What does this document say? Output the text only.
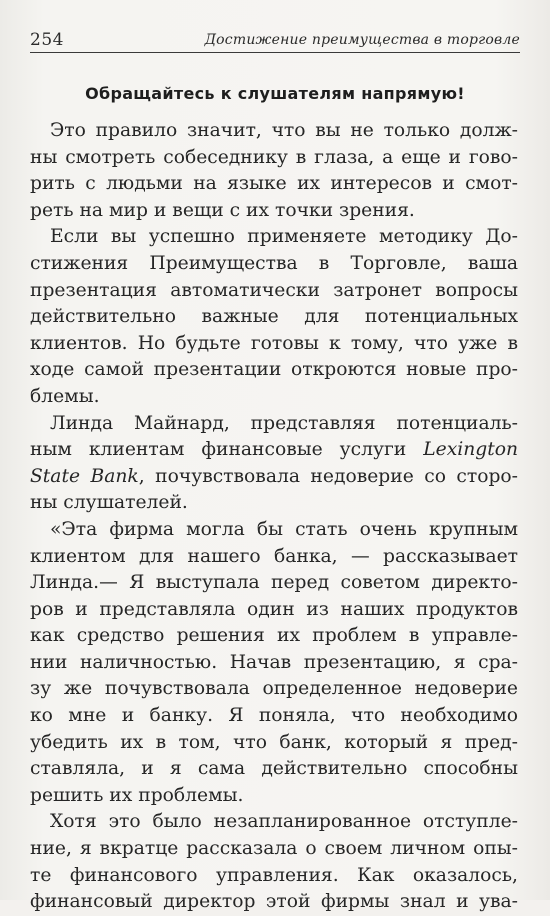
254	Достижение преимущества в торговле
Обращайтесь к слушателям напрямую!
Это правило значит, что вы не только долж-
ны смотреть собеседнику в глаза, а еще и гово-
рить с людьми на языке их интересов и смот-
реть на мир и вещи с их точки зрения.
Если вы успешно применяете методику До-
стижения Преимущества в Торговле, ваша
презентация автоматически затронет вопросы
действительно важные для потенциальных
клиентов. Но будьте готовы к тому, что уже в
ходе самой презентации откроются новые про-
блемы.
Линда Майнард, представляя потенциаль-
ным клиентам финансовые услуги Lexington
State Bank, почувствовала недоверие со сторо-
ны слушателей.
«Эта фирма могла бы стать очень крупным
клиентом для нашего банка, — рассказывает
Линда.— Я выступала перед советом директо-
ров и представляла один из наших продуктов
как средство решения их проблем в управле-
нии наличностью. Начав презентацию, я сра-
зу же почувствовала определенное недоверие
ко мне и банку. Я поняла, что необходимо
убедить их в том, что банк, который я пред-
ставляла, и я сама действительно способны
решить их проблемы.
Хотя это было незапланированное отступле-
ние, я вкратце рассказала о своем личном опы-
те финансового управления. Как оказалось,
финансовый директор этой фирмы знал и ува-
